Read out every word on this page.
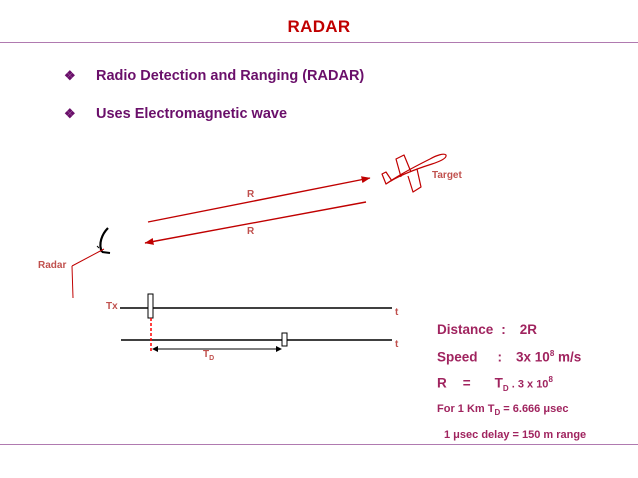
RADAR
❖ Radio Detection and Ranging (RADAR)
❖ Uses Electromagnetic wave
Target
Radar
R
R
Tx
t
t
$T_D$
Distance : 2R
Speed : 3x $10^8$ m/s
$R = T_D$ . 3 x $10^8$
For 1 Km $T_D = 6.666$ μsec
1 μsec delay = 150 m range
